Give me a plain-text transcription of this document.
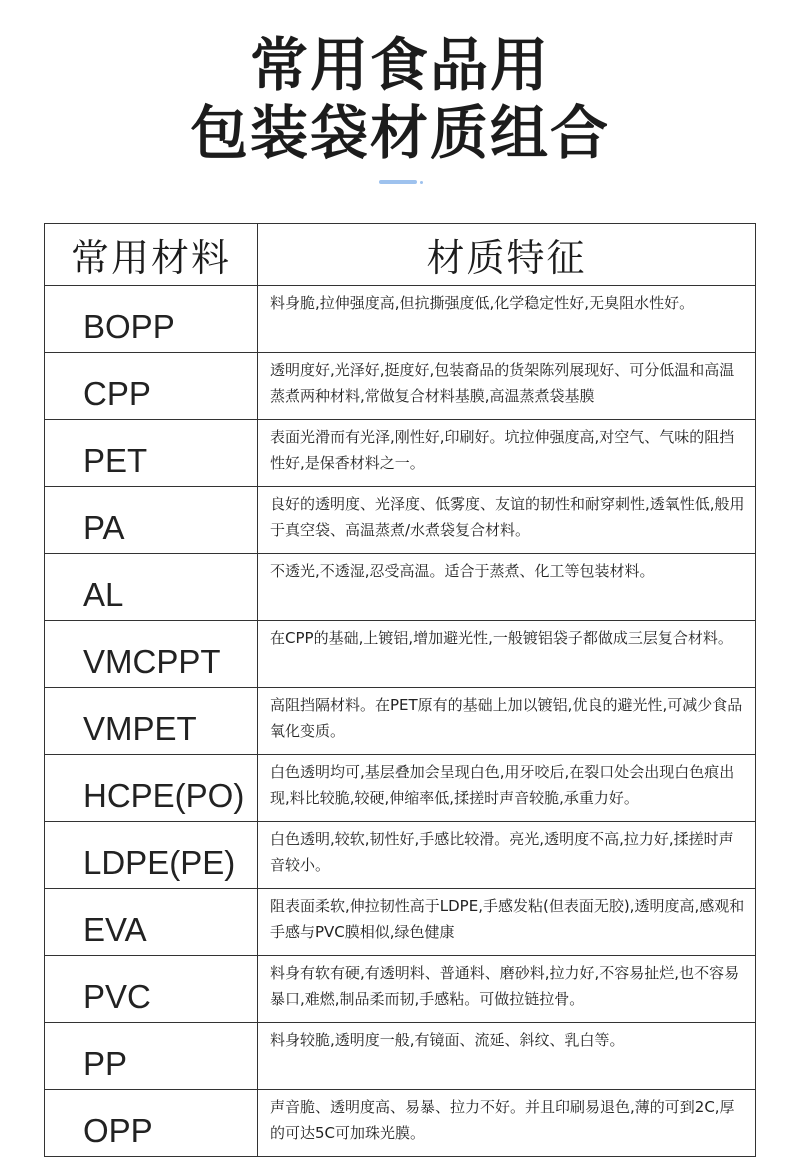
常用食品用
包装袋材质组合
常用材料	材质特征
BOPP	料身脆,拉伸强度高,但抗撕强度低,化学稳定性好,无臭阻水性好。
CPP	透明度好,光泽好,挺度好,包装裔品的货架陈列展现好、可分低温和高温蒸煮两种材料,常做复合材料基膜,高温蒸煮袋基膜
PET	表面光滑而有光泽,刚性好,印刷好。坑拉伸强度高,对空气、气味的阻挡性好,是保香材料之一。
PA	良好的透明度、光泽度、低雾度、友谊的韧性和耐穿刺性,透氧性低,般用于真空袋、高温蒸煮/水煮袋复合材料。
AL	不透光,不透湿,忍受高温。适合于蒸煮、化工等包装材料。
VMCPPT	在CPP的基础,上镀铝,增加避光性,一般镀铝袋子都做成三层复合材料。
VMPET	高阻挡隔材料。在PET原有的基础上加以镀铝,优良的避光性,可减少食品氧化变质。
HCPE(PO)	白色透明均可,基层叠加会呈现白色,用牙咬后,在裂口处会出现白色痕出现,料比较脆,较硬,伸缩率低,揉搓时声音较脆,承重力好。
LDPE(PE)	白色透明,较软,韧性好,手感比较滑。亮光,透明度不高,拉力好,揉搓时声音较小。
EVA	阻表面柔软,伸拉韧性高于LDPE,手感发粘(但表面无胶),透明度高,感观和手感与PVC膜相似,绿色健康
PVC	料身有软有硬,有透明料、普通料、磨砂料,拉力好,不容易扯烂,也不容易暴口,难燃,制品柔而韧,手感粘。可做拉链拉骨。
PP	料身较脆,透明度一般,有镜面、流延、斜纹、乳白等。
OPP	声音脆、透明度高、易暴、拉力不好。并且印刷易退色,薄的可到2C,厚的可达5C可加珠光膜。
